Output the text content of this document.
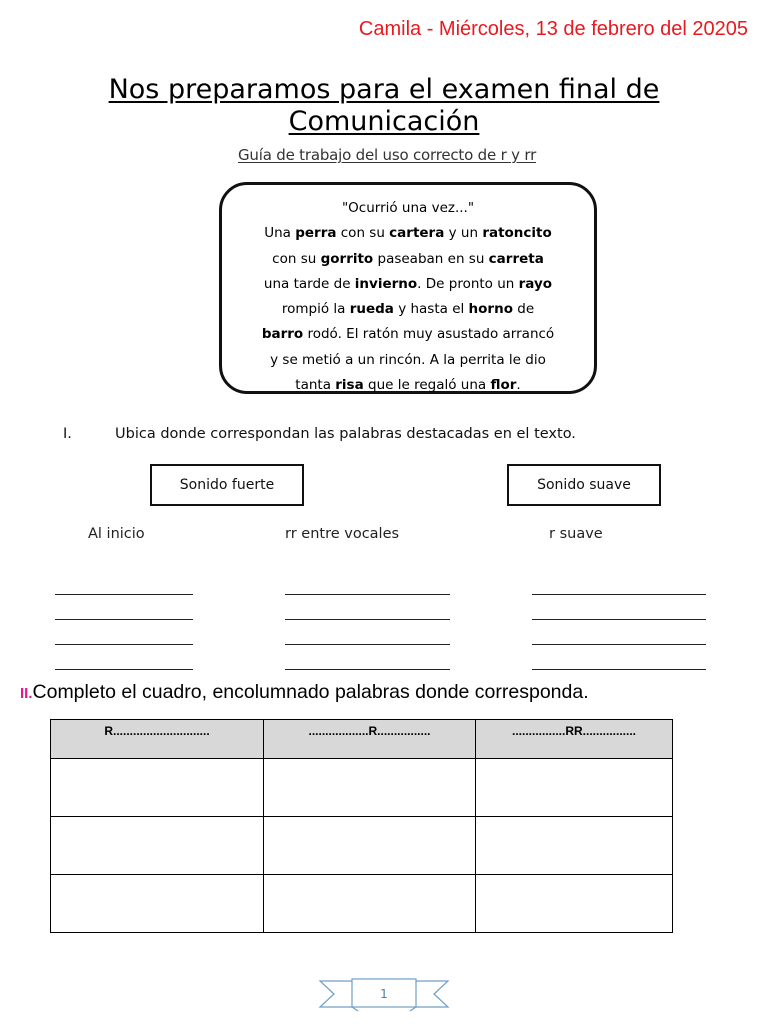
Camila - Miércoles, 13 de febrero del 20205
Nos preparamos para el examen final de
Comunicación
Guía de trabajo del uso correcto de r y rr
"Ocurrió una vez..."
Una perra con su cartera y un ratoncito
con su gorrito paseaban en su carreta
una tarde de invierno. De pronto un rayo
rompió la rueda y hasta el horno de
barro rodó. El ratón muy asustado arrancó
y se metió a un rincón. A la perrita le dio
tanta risa que le regaló una flor.
I.	Ubica donde correspondan las palabras destacadas en el texto.
Sonido fuerte	Sonido suave
Al inicio	rr entre vocales	r suave
II.Completo el cuadro, encolumnado palabras donde corresponda.
R.............................	..................R................	................RR................

1
